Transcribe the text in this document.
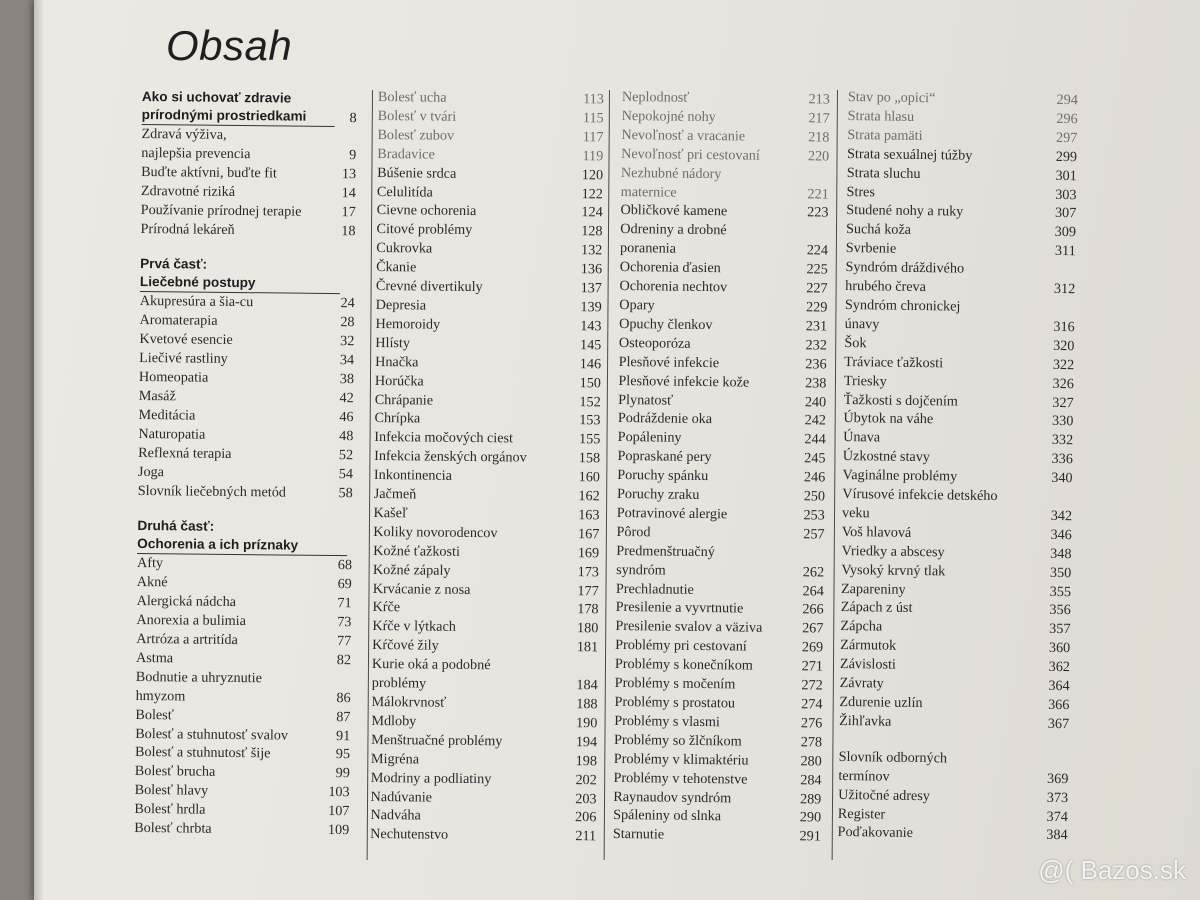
Obsah
Ako si uchovať zdravie
prírodnými prostriedkami	8
Zdravá výživa,
najlepšia prevencia	9
Buďte aktívni, buďte fit	13
Zdravotné riziká	14
Používanie prírodnej terapie	17
Prírodná lekáreň	18
Prvá časť:
Liečebné postupy
Akupresúra a šia-cu	24
Aromaterapia	28
Kvetové esencie	32
Liečivé rastliny	34
Homeopatia	38
Masáž	42
Meditácia	46
Naturopatia	48
Reflexná terapia	52
Joga	54
Slovník liečebných metód	58
Druhá časť:
Ochorenia a ich príznaky
Afty	68
Akné	69
Alergická nádcha	71
Anorexia a bulimia	73
Artróza a artritída	77
Astma	82
Bodnutie a uhryznutie
hmyzom	86
Bolesť	87
Bolesť a stuhnutosť svalov	91
Bolesť a stuhnutosť šije	95
Bolesť brucha	99
Bolesť hlavy	103
Bolesť hrdla	107
Bolesť chrbta	109
Bolesť ucha	113
Bolesť v tvári	115
Bolesť zubov	117
Bradavice	119
Búšenie srdca	120
Celulitída	122
Cievne ochorenia	124
Citové problémy	128
Cukrovka	132
Čkanie	136
Črevné divertikuly	137
Depresia	139
Hemoroidy	143
Hlísty	145
Hnačka	146
Horúčka	150
Chrápanie	152
Chrípka	153
Infekcia močových ciest	155
Infekcia ženských orgánov	158
Inkontinencia	160
Jačmeň	162
Kašeľ	163
Koliky novorodencov	167
Kožné ťažkosti	169
Kožné zápaly	173
Krvácanie z nosa	177
Kŕče	178
Kŕče v lýtkach	180
Kŕčové žily	181
Kurie oká a podobné
problémy	184
Málokrvnosť	188
Mdloby	190
Menštruačné problémy	194
Migréna	198
Modriny a podliatiny	202
Nadúvanie	203
Nadváha	206
Nechutenstvo	211
Neplodnosť	213
Nepokojné nohy	217
Nevoľnosť a vracanie	218
Nevoľnosť pri cestovaní	220
Nezhubné nádory
maternice	221
Obličkové kamene	223
Odreniny a drobné
poranenia	224
Ochorenia ďasien	225
Ochorenia nechtov	227
Opary	229
Opuchy členkov	231
Osteoporóza	232
Plesňové infekcie	236
Plesňové infekcie kože	238
Plynatosť	240
Podráždenie oka	242
Popáleniny	244
Popraskané pery	245
Poruchy spánku	246
Poruchy zraku	250
Potravinové alergie	253
Pôrod	257
Predmenštruačný
syndróm	262
Prechladnutie	264
Presilenie a vyvrtnutie	266
Presilenie svalov a väziva	267
Problémy pri cestovaní	269
Problémy s konečníkom	271
Problémy s močením	272
Problémy s prostatou	274
Problémy s vlasmi	276
Problémy so žlčníkom	278
Problémy v klimaktériu	280
Problémy v tehotenstve	284
Raynaudov syndróm	289
Spáleniny od slnka	290
Starnutie	291
Stav po „opici“	294
Strata hlasu	296
Strata pamäti	297
Strata sexuálnej túžby	299
Strata sluchu	301
Stres	303
Studené nohy a ruky	307
Suchá koža	309
Svrbenie	311
Syndróm dráždivého
hrubého čreva	312
Syndróm chronickej
únavy	316
Šok	320
Tráviace ťažkosti	322
Triesky	326
Ťažkosti s dojčením	327
Úbytok na váhe	330
Únava	332
Úzkostné stavy	336
Vaginálne problémy	340
Vírusové infekcie detského
veku	342
Voš hlavová	346
Vriedky a abscesy	348
Vysoký krvný tlak	350
Zapareniny	355
Zápach z úst	356
Zápcha	357
Zármutok	360
Závislosti	362
Závraty	364
Zdurenie uzlín	366
Žihľavka	367
Slovník odborných
termínov	369
Užitočné adresy	373
Register	374
Poďakovanie	384
@( Bazos.sk
